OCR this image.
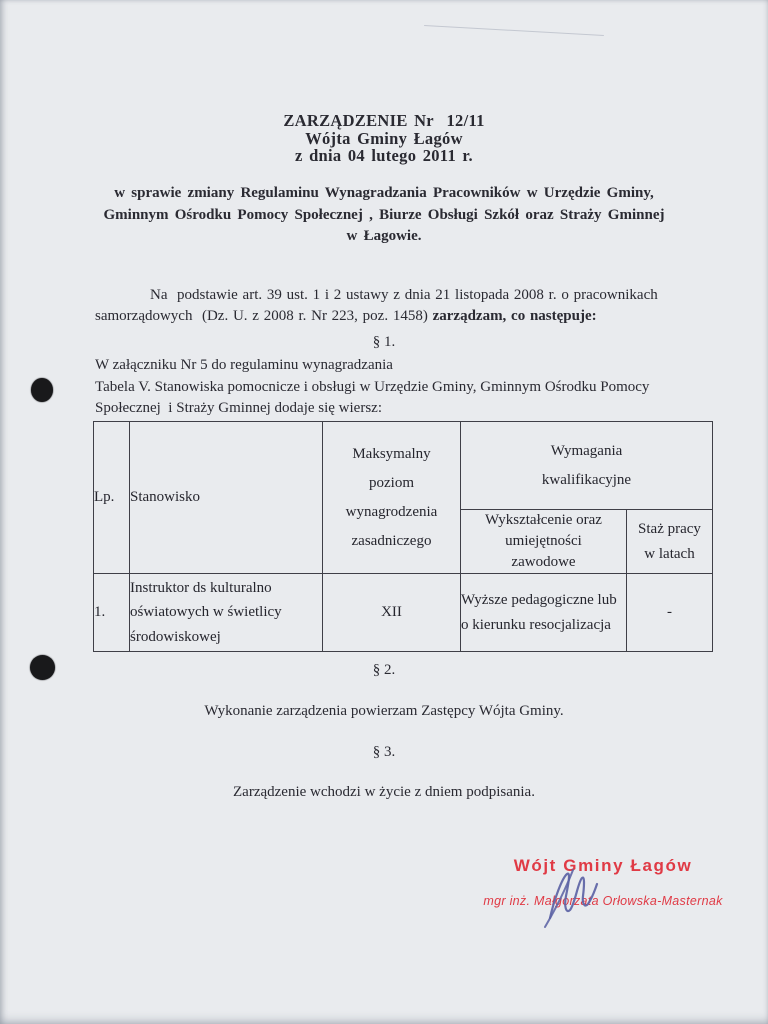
ZARZĄDZENIE Nr  12/11
Wójta Gminy Łagów
z dnia 04 lutego 2011 r.
w sprawie zmiany Regulaminu Wynagradzania Pracowników w Urzędzie Gminy,
Gminnym Ośrodku Pomocy Społecznej , Biurze Obsługi Szkół oraz Straży Gminnej
w Łagowie.
Na  podstawie art. 39 ust. 1 i 2 ustawy z dnia 21 listopada 2008 r. o pracownikach
samorządowych  (Dz. U. z 2008 r. Nr 223, poz. 1458) zarządzam, co następuje:
§ 1.
W załączniku Nr 5 do regulaminu wynagradzania
Tabela V. Stanowiska pomocnicze i obsługi w Urzędzie Gminy, Gminnym Ośrodku Pomocy
Społecznej  i Straży Gminnej dodaje się wiersz:
Lp.	Stanowisko	Maksymalny poziom wynagrodzenia zasadniczego	Wymagania kwalifikacyjne	

			Wykształcenie oraz umiejętności zawodowe	Staż pracy w latach

1.	Instruktor ds kulturalno oświatowych w świetlicy środowiskowej	XII	Wyższe pedagogiczne lub o kierunku resocjalizacja	-
§ 2.
Wykonanie zarządzenia powierzam Zastępcy Wójta Gminy.
§ 3.
Zarządzenie wchodzi w życie z dniem podpisania.
Wójt Gminy Łagów
mgr inż. Małgorzata Orłowska-Masternak
